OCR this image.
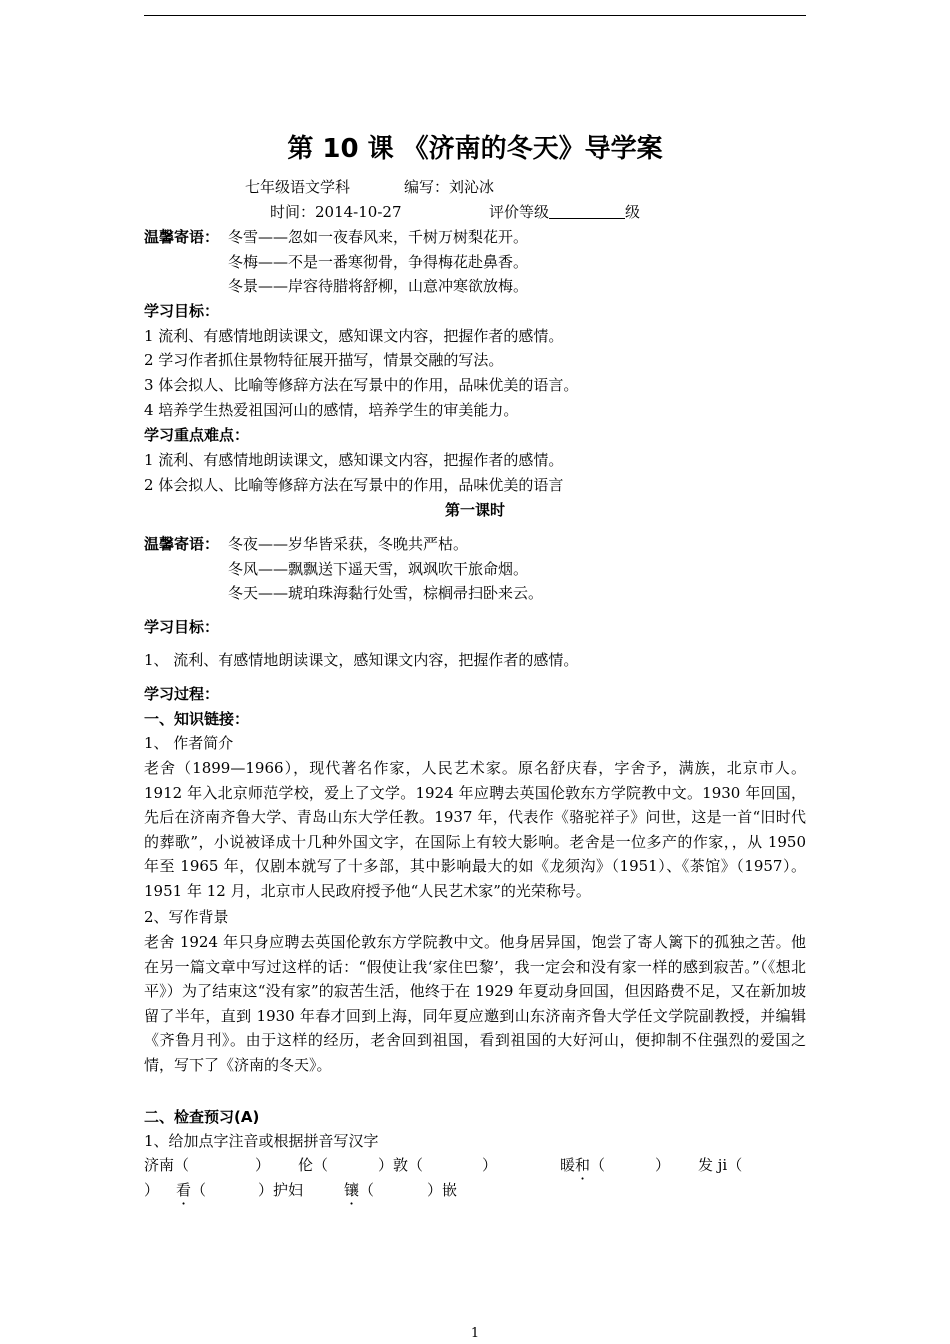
第 10 课 《济南的冬天》导学案
七年级语文学科	编写：刘沁冰
时间：2014-10-27	评价等级	级
温馨寄语： 冬雪——忽如一夜春风来，千树万树梨花开。
冬梅——不是一番寒彻骨，争得梅花赴鼻香。
冬景——岸容待腊将舒柳，山意冲寒欲放梅。
学习目标：
1 流利、有感情地朗读课文，感知课文内容，把握作者的感情。
2 学习作者抓住景物特征展开描写，情景交融的写法。
3 体会拟人、比喻等修辞方法在写景中的作用，品味优美的语言。
4 培养学生热爱祖国河山的感情，培养学生的审美能力。
学习重点难点：
1 流利、有感情地朗读课文，感知课文内容，把握作者的感情。
2 体会拟人、比喻等修辞方法在写景中的作用，品味优美的语言
第一课时
温馨寄语： 冬夜——岁华皆采获，冬晚共严枯。
冬风——飘飘送下遥天雪，飒飒吹干旅命烟。
冬天——琥珀珠海黏行处雪，棕榈帚扫卧来云。
学习目标：
1、 流利、有感情地朗读课文，感知课文内容，把握作者的感情。
学习过程：
一、知识链接：
1、 作者简介
老舍（1899—1966），现代著名作家，人民艺术家。原名舒庆春，字舍予，满族，北京市人。1912 年入北京师范学校，爱上了文学。1924 年应聘去英国伦敦东方学院教中文。1930 年回国，先后在济南齐鲁大学、青岛山东大学任教。1937 年，代表作《骆驼祥子》问世，这是一首“旧时代的葬歌”，小说被译成十几种外国文字，在国际上有较大影响。老舍是一位多产的作家，，从 1950 年至 1965 年，仅剧本就写了十多部，其中影响最大的如《龙须沟》（1951）、《茶馆》（1957）。1951 年 12 月，北京市人民政府授予他“人民艺术家”的光荣称号。
2、写作背景
老舍 1924 年只身应聘去英国伦敦东方学院教中文。他身居异国，饱尝了寄人篱下的孤独之苦。他在另一篇文章中写过这样的话：“假使让我‘家住巴黎’，我一定会和没有家一样的感到寂苦。”（《想北平》）为了结束这“没有家”的寂苦生活，他终于在 1929 年夏动身回国，但因路费不足，又在新加坡留了半年，直到 1930 年春才回到上海，同年夏应邀到山东济南齐鲁大学任文学院副教授，并编辑《齐鲁月刊》。由于这样的经历，老舍回到祖国，看到祖国的大好河山，便抑制不住强烈的爱国之情，写下了《济南的冬天》。
二、检查预习(A)
1、给加点字注音或根据拼音写汉字
济南（	） 伦（	）敦（	）	暖和（	） 发 ji（
） 看（	）护妇	镶（	）嵌
1
